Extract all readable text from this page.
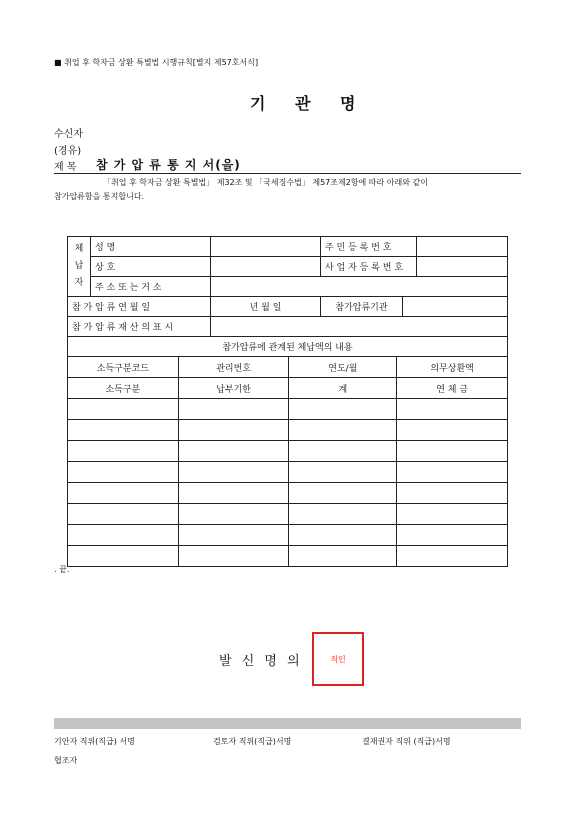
■ 취업 후 학자금 상환 특별법 시행규칙[별지 제57호서식]
기 관 명
수신자
(경유)
제 목 참 가 압 류 통 지 서(을)
「취업 후 학자금 상환 특별법」 제32조 및 「국세징수법」 제57조제2항에 따라 아래와 같이
참가압류함을 통지합니다.
체납자	성 명		주 민 등 록 번 호		
	상 호		사 업 자 등 록 번 호		
	주 소 또 는 거 소				
참 가 압 류 연 월 일		년 월 일	참가압류기관		
참 가 압 류 재 산 의 표 시					
참가압류에 관계된 체납액의 내용					
소득구분코드	관리번호	연도/월	의무상환액
소득구분	납부기한	계	연 체 금

. 끝.
발 신 명 의	직인
기안자 직위(직급) 서명	검토자 직위(직급)서명	결재권자 직위 (직급)서명
협조자
